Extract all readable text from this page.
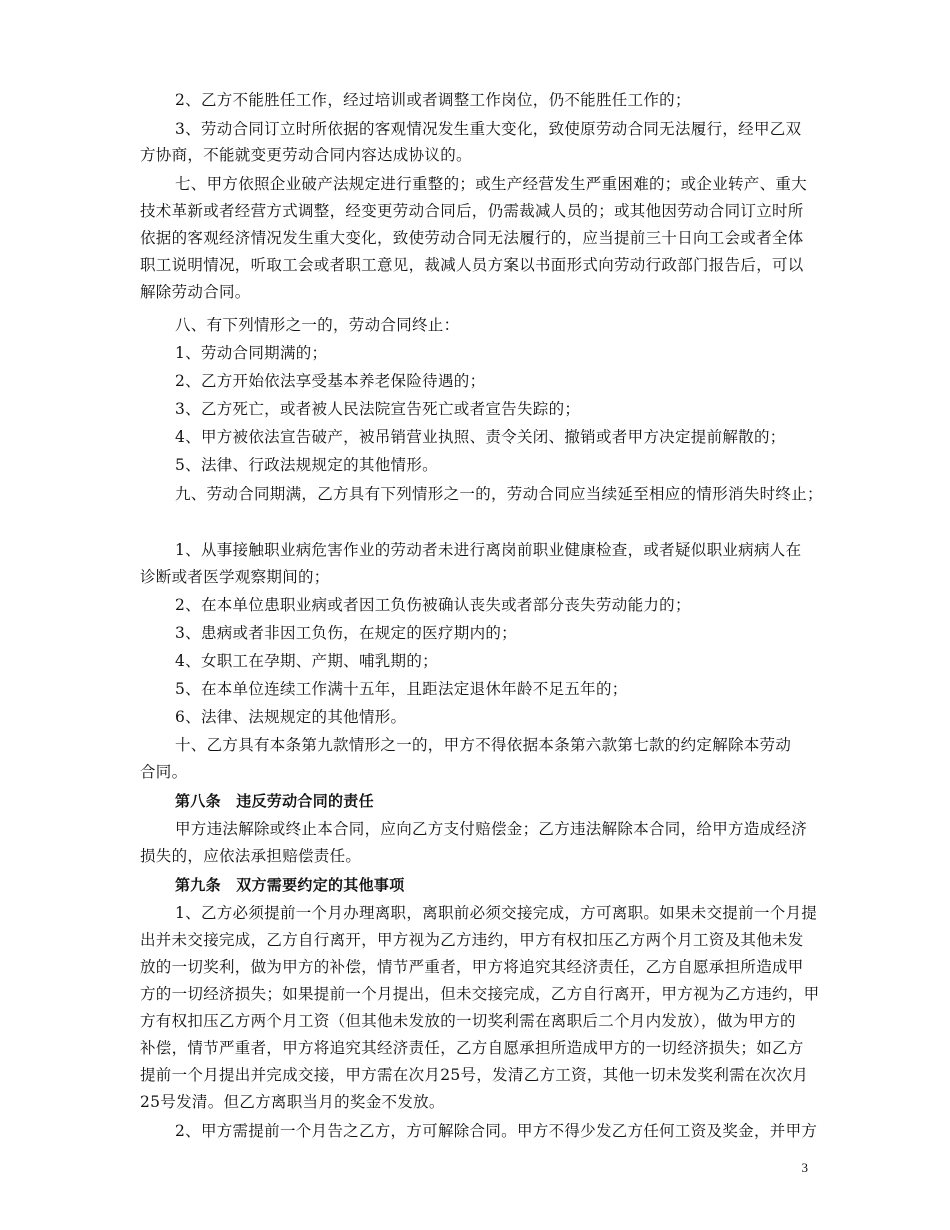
2、乙方不能胜任工作，经过培训或者调整工作岗位，仍不能胜任工作的；
3、劳动合同订立时所依据的客观情况发生重大变化，致使原劳动合同无法履行，经甲乙双
方协商，不能就变更劳动合同内容达成协议的。
七、甲方依照企业破产法规定进行重整的；或生产经营发生严重困难的；或企业转产、重大
技术革新或者经营方式调整，经变更劳动合同后，仍需裁减人员的；或其他因劳动合同订立时所
依据的客观经济情况发生重大变化，致使劳动合同无法履行的，应当提前三十日向工会或者全体
职工说明情况，听取工会或者职工意见，裁减人员方案以书面形式向劳动行政部门报告后，可以
解除劳动合同。
八、有下列情形之一的，劳动合同终止：
1、劳动合同期满的；
2、乙方开始依法享受基本养老保险待遇的；
3、乙方死亡，或者被人民法院宣告死亡或者宣告失踪的；
4、甲方被依法宣告破产，被吊销营业执照、责令关闭、撤销或者甲方决定提前解散的；
5、法律、行政法规规定的其他情形。
九、劳动合同期满，乙方具有下列情形之一的，劳动合同应当续延至相应的情形消失时终止；
1、从事接触职业病危害作业的劳动者未进行离岗前职业健康检查，或者疑似职业病病人在
诊断或者医学观察期间的；
2、在本单位患职业病或者因工负伤被确认丧失或者部分丧失劳动能力的；
3、患病或者非因工负伤，在规定的医疗期内的；
4、女职工在孕期、产期、哺乳期的；
5、在本单位连续工作满十五年，且距法定退休年龄不足五年的；
6、法律、法规规定的其他情形。
十、乙方具有本条第九款情形之一的，甲方不得依据本条第六款第七款的约定解除本劳动
合同。
第八条　违反劳动合同的责任
甲方违法解除或终止本合同，应向乙方支付赔偿金；乙方违法解除本合同，给甲方造成经济
损失的，应依法承担赔偿责任。
第九条　双方需要约定的其他事项
1、乙方必须提前一个月办理离职，离职前必须交接完成，方可离职。如果未交提前一个月提
出并未交接完成，乙方自行离开，甲方视为乙方违约，甲方有权扣压乙方两个月工资及其他未发
放的一切奖利，做为甲方的补偿，情节严重者，甲方将追究其经济责任，乙方自愿承担所造成甲
方的一切经济损失；如果提前一个月提出，但未交接完成，乙方自行离开，甲方视为乙方违约，甲
方有权扣压乙方两个月工资（但其他未发放的一切奖利需在离职后二个月内发放），做为甲方的
补偿，情节严重者，甲方将追究其经济责任，乙方自愿承担所造成甲方的一切经济损失；如乙方
提前一个月提出并完成交接，甲方需在次月25号，发清乙方工资，其他一切未发奖利需在次次月
25号发清。但乙方离职当月的奖金不发放。
2、甲方需提前一个月告之乙方，方可解除合同。甲方不得少发乙方任何工资及奖金，并甲方
3
